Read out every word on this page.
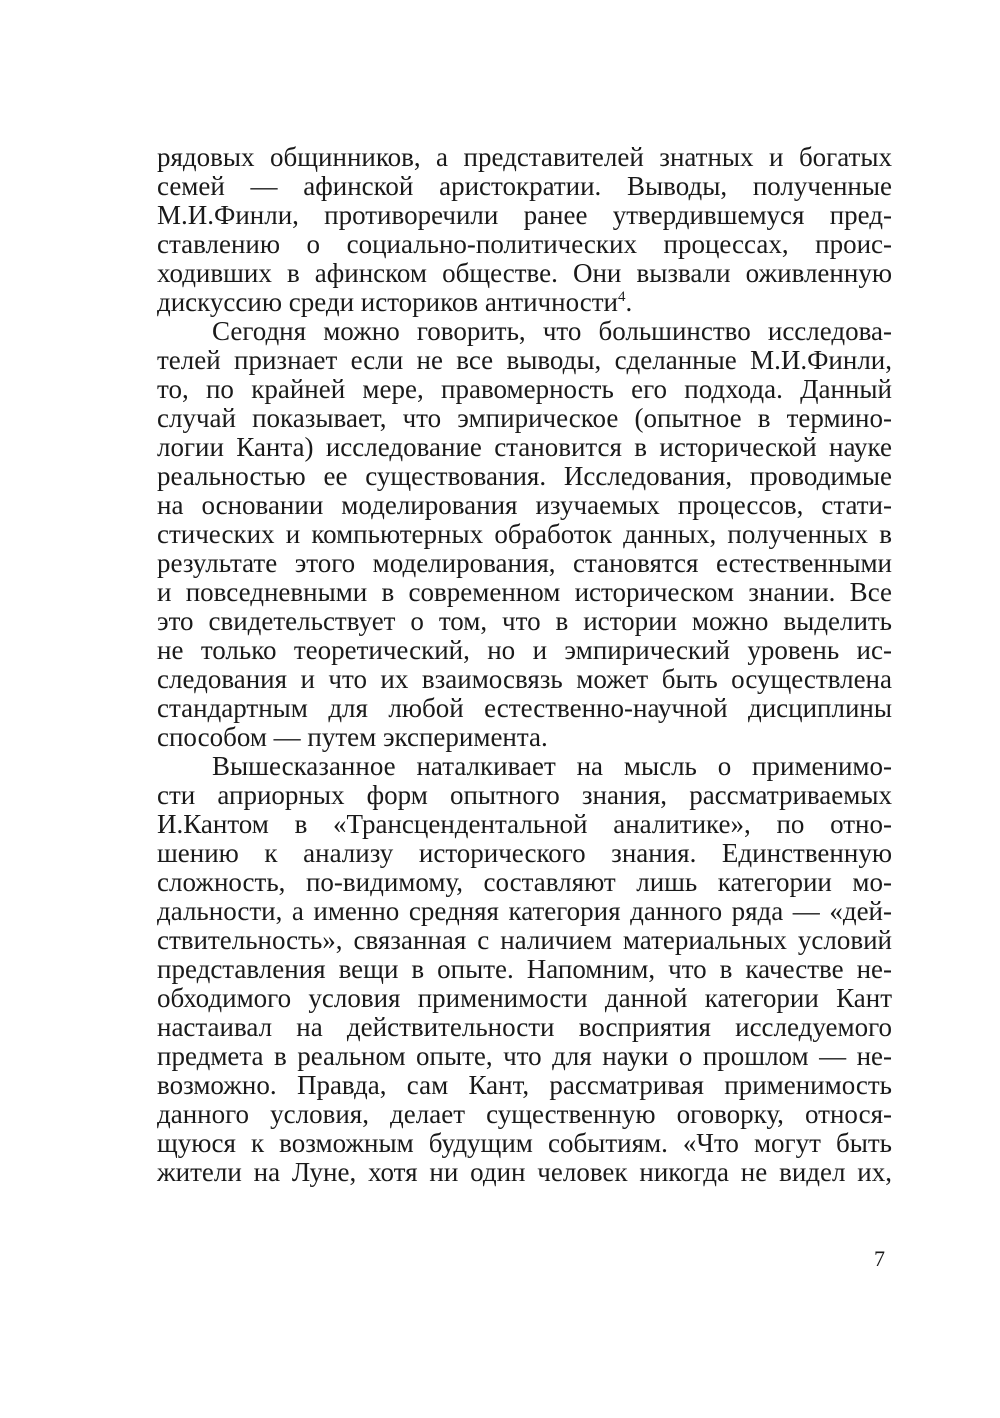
рядовых общинников, а представителей знатных и богатых
семей — афинской аристократии. Выводы, полученные
М.И.Финли, противоречили ранее утвердившемуся пред-
ставлению о социально-политических процессах, проис-
ходивших в афинском обществе. Они вызвали оживленную
дискуссию среди историков античности$^4$.
Сегодня можно говорить, что большинство исследова-
телей признает если не все выводы, сделанные М.И.Финли,
то, по крайней мере, правомерность его подхода. Данный
случай показывает, что эмпирическое (опытное в термино-
логии Канта) исследование становится в исторической науке
реальностью ее существования. Исследования, проводимые
на основании моделирования изучаемых процессов, стати-
стических и компьютерных обработок данных, полученных в
результате этого моделирования, становятся естественными
и повседневными в современном историческом знании. Все
это свидетельствует о том, что в истории можно выделить
не только теоретический, но и эмпирический уровень ис-
следования и что их взаимосвязь может быть осуществлена
стандартным для любой естественно-научной дисциплины
способом — путем эксперимента.
Вышесказанное наталкивает на мысль о применимо-
сти априорных форм опытного знания, рассматриваемых
И.Кантом в «Трансцендентальной аналитике», по отно-
шению к анализу исторического знания. Единственную
сложность, по-видимому, составляют лишь категории мо-
дальности, а именно средняя категория данного ряда — «дей-
ствительность», связанная с наличием материальных условий
представления вещи в опыте. Напомним, что в качестве не-
обходимого условия применимости данной категории Кант
настаивал на действительности восприятия исследуемого
предмета в реальном опыте, что для науки о прошлом — не-
возможно. Правда, сам Кант, рассматривая применимость
данного условия, делает существенную оговорку, относя-
щуюся к возможным будущим событиям. «Что могут быть
жители на Луне, хотя ни один человек никогда не видел их,
7
